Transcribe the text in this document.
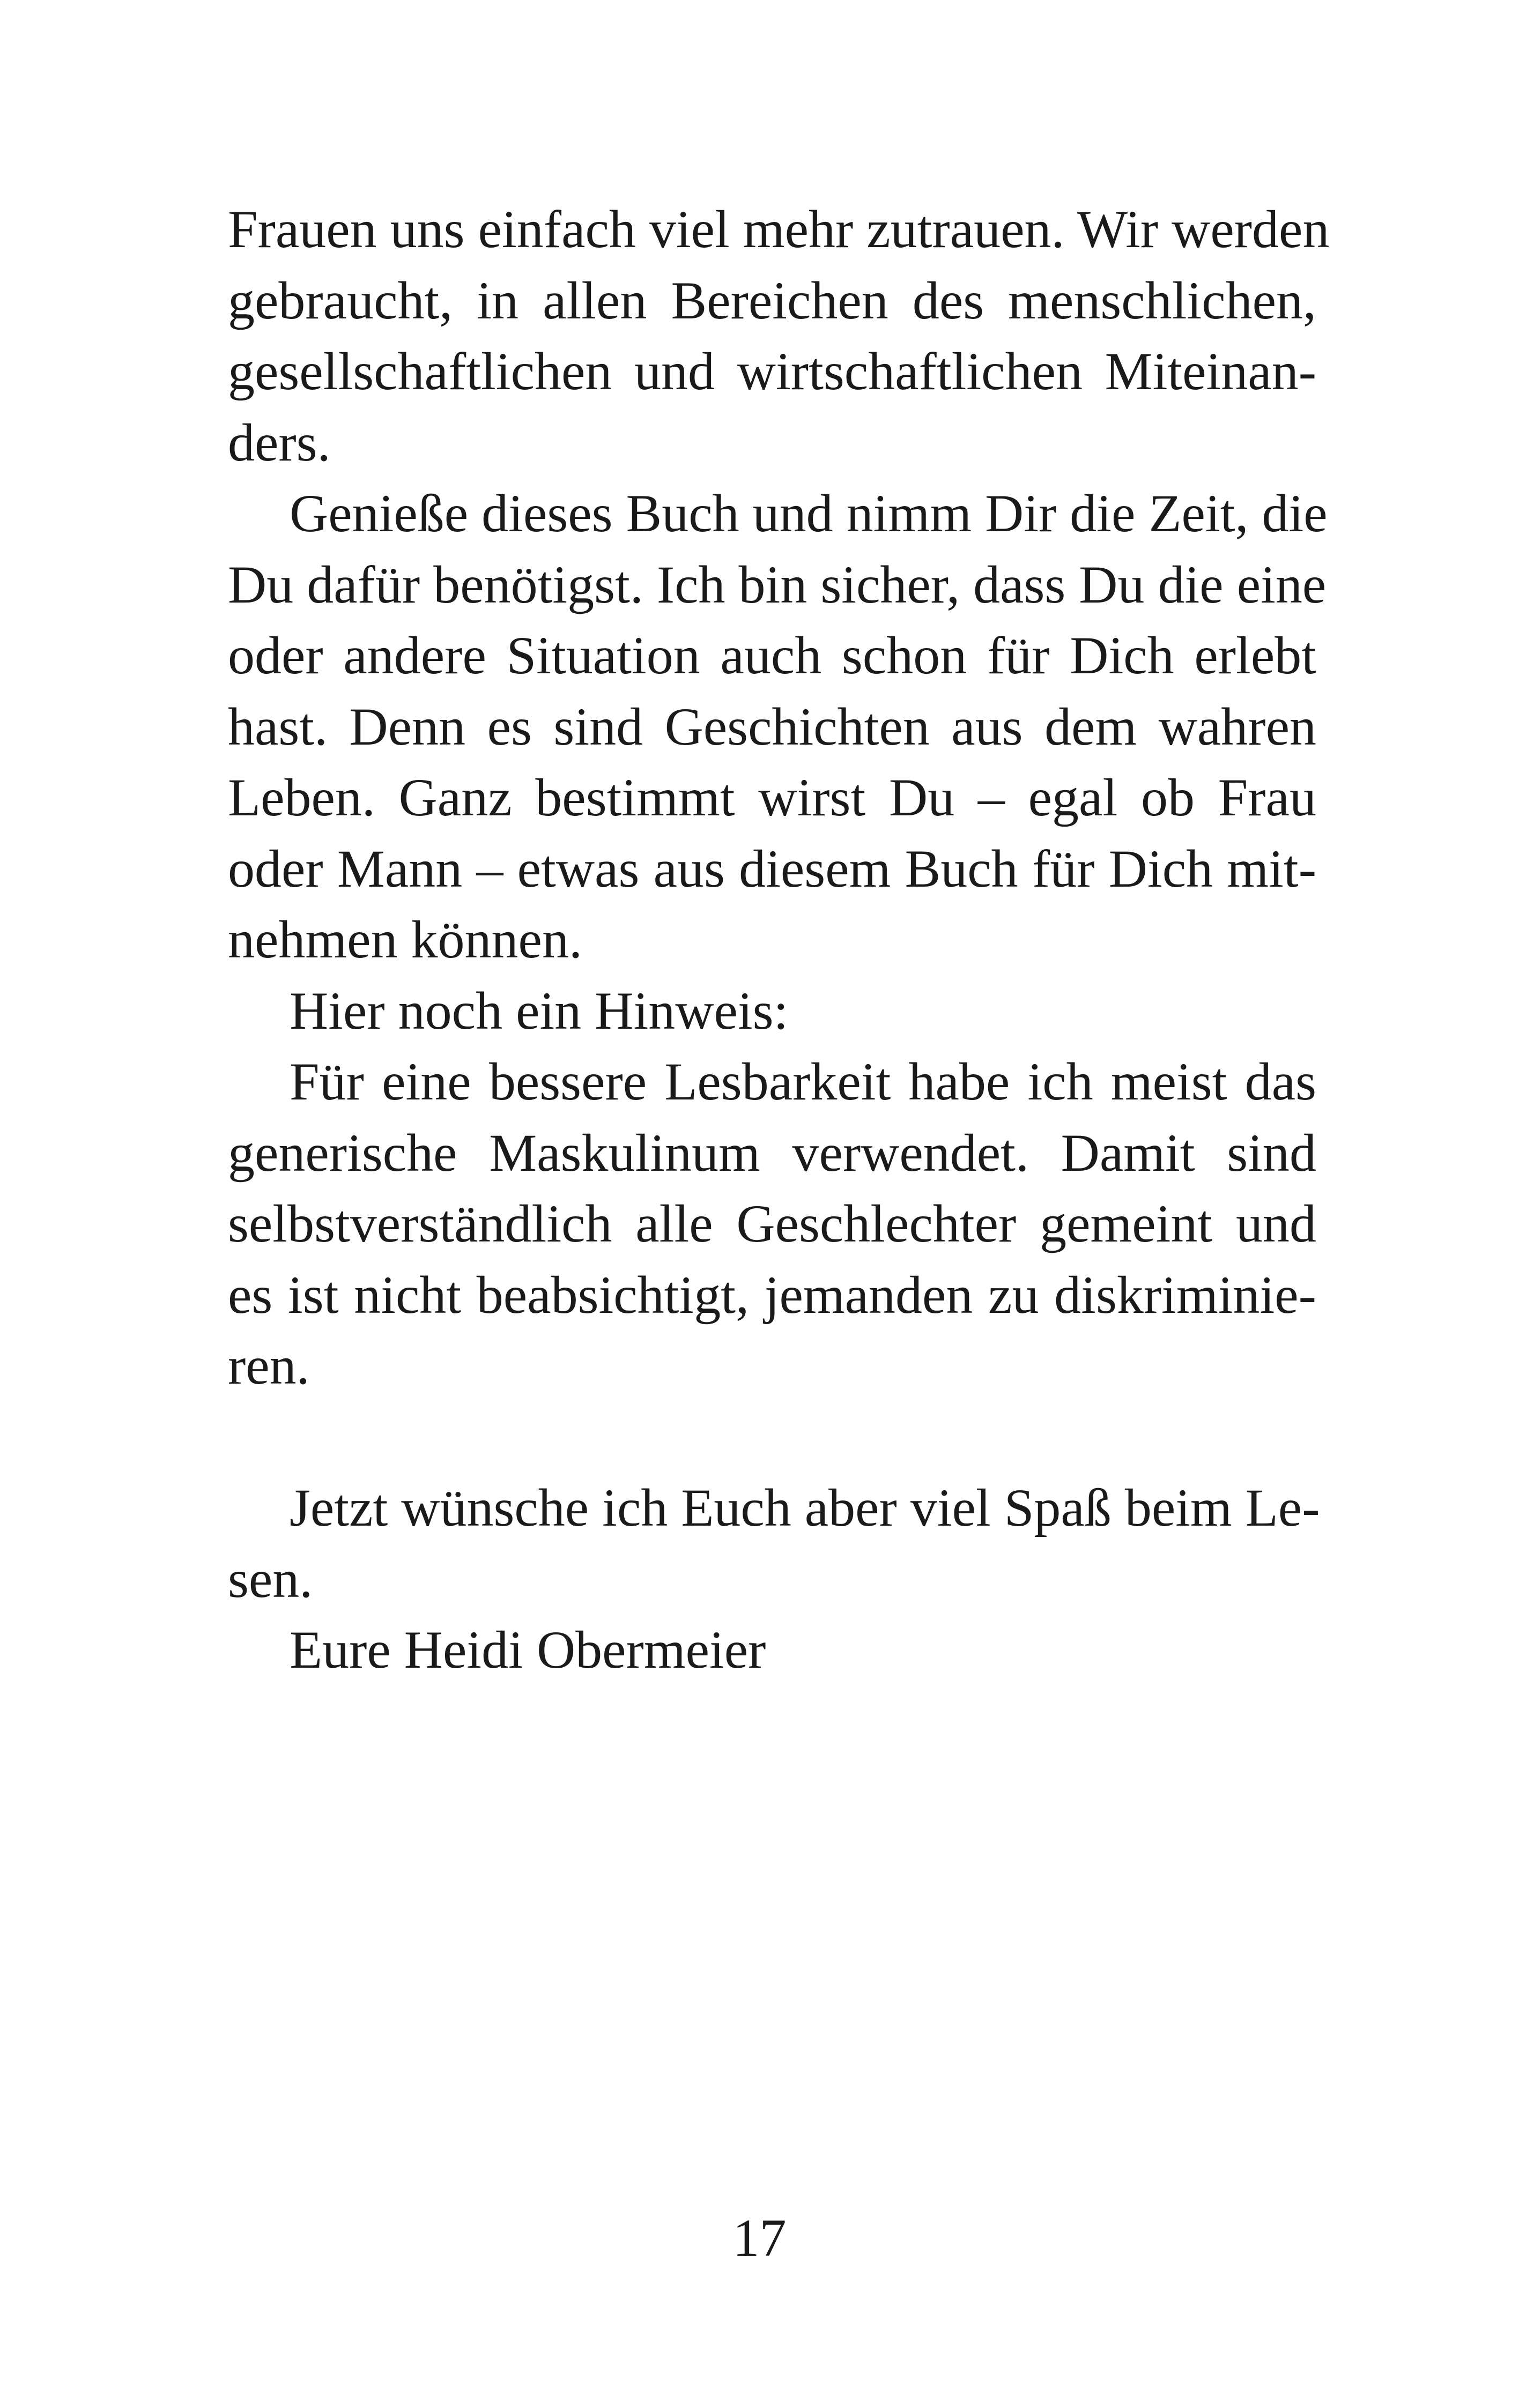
Frauen uns einfach viel mehr zutrauen. Wir werden
gebraucht, in allen Bereichen des menschlichen,
gesellschaftlichen und wirtschaftlichen Miteinan-
ders.
Genieße dieses Buch und nimm Dir die Zeit, die
Du dafür benötigst. Ich bin sicher, dass Du die eine
oder andere Situation auch schon für Dich erlebt
hast. Denn es sind Geschichten aus dem wahren
Leben. Ganz bestimmt wirst Du – egal ob Frau
oder Mann – etwas aus diesem Buch für Dich mit-
nehmen können.
Hier noch ein Hinweis:
Für eine bessere Lesbarkeit habe ich meist das
generische Maskulinum verwendet. Damit sind
selbstverständlich alle Geschlechter gemeint und
es ist nicht beabsichtigt, jemanden zu diskriminie-
ren.
Jetzt wünsche ich Euch aber viel Spaß beim Le-
sen.
Eure Heidi Obermeier
17
